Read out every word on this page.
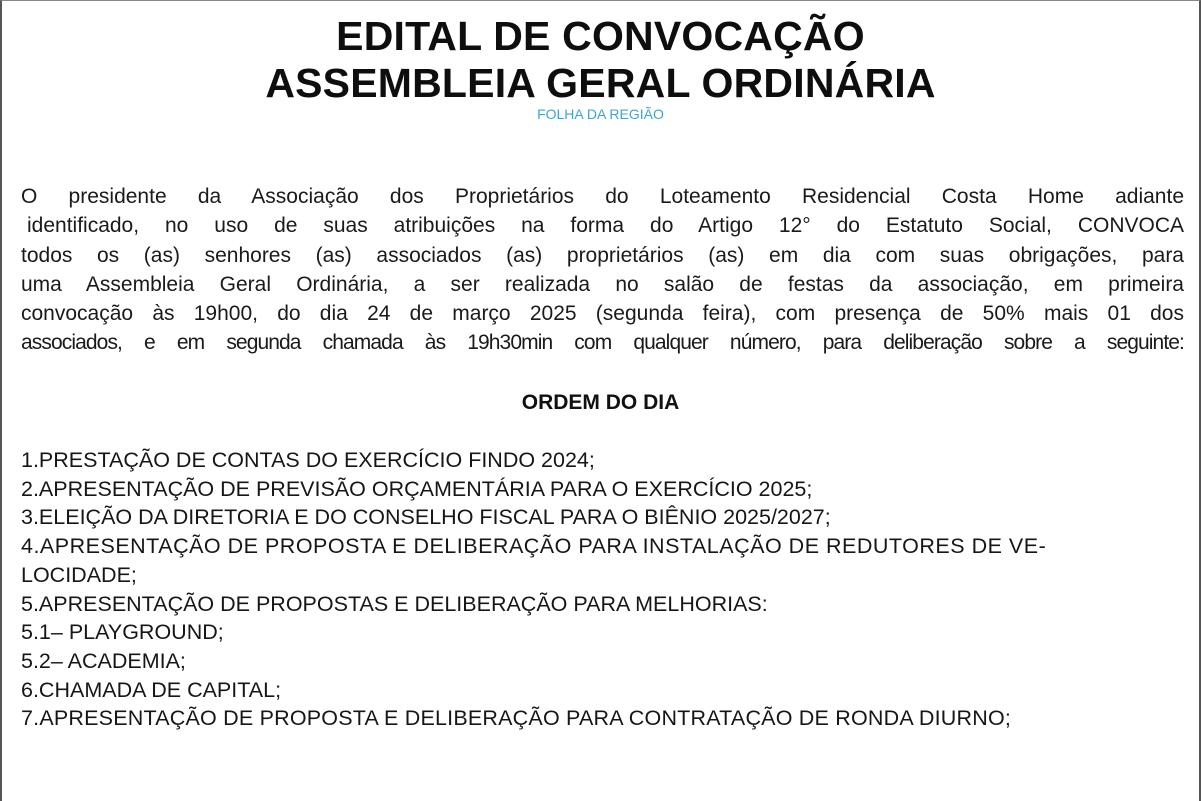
EDITAL DE CONVOCAÇÃO
ASSEMBLEIA GERAL ORDINÁRIA
FOLHA DA REGIÃO
O presidente da Associação dos Proprietários do Loteamento Residencial Costa Home adiante
identificado, no uso de suas atribuições na forma do Artigo 12° do Estatuto Social, CONVOCA
todos os (as) senhores (as) associados (as) proprietários (as) em dia com suas obrigações, para
uma Assembleia Geral Ordinária, a ser realizada no salão de festas da associação, em primeira
convocação às 19h00, do dia 24 de março 2025 (segunda feira), com presença de 50% mais 01 dos
associados, e em segunda chamada às 19h30min com qualquer número, para deliberação sobre a seguinte:
ORDEM DO DIA
1.PRESTAÇÃO DE CONTAS DO EXERCÍCIO FINDO 2024;
2.APRESENTAÇÃO DE PREVISÃO ORÇAMENTÁRIA PARA O EXERCÍCIO 2025;
3.ELEIÇÃO DA DIRETORIA E DO CONSELHO FISCAL PARA O BIÊNIO 2025/2027;
4.APRESENTAÇÃO DE PROPOSTA E DELIBERAÇÃO PARA INSTALAÇÃO DE REDUTORES DE VE-
LOCIDADE;
5.APRESENTAÇÃO DE PROPOSTAS E DELIBERAÇÃO PARA MELHORIAS:
5.1– PLAYGROUND;
5.2– ACADEMIA;
6.CHAMADA DE CAPITAL;
7.APRESENTAÇÃO DE PROPOSTA E DELIBERAÇÃO PARA CONTRATAÇÃO DE RONDA DIURNO;
